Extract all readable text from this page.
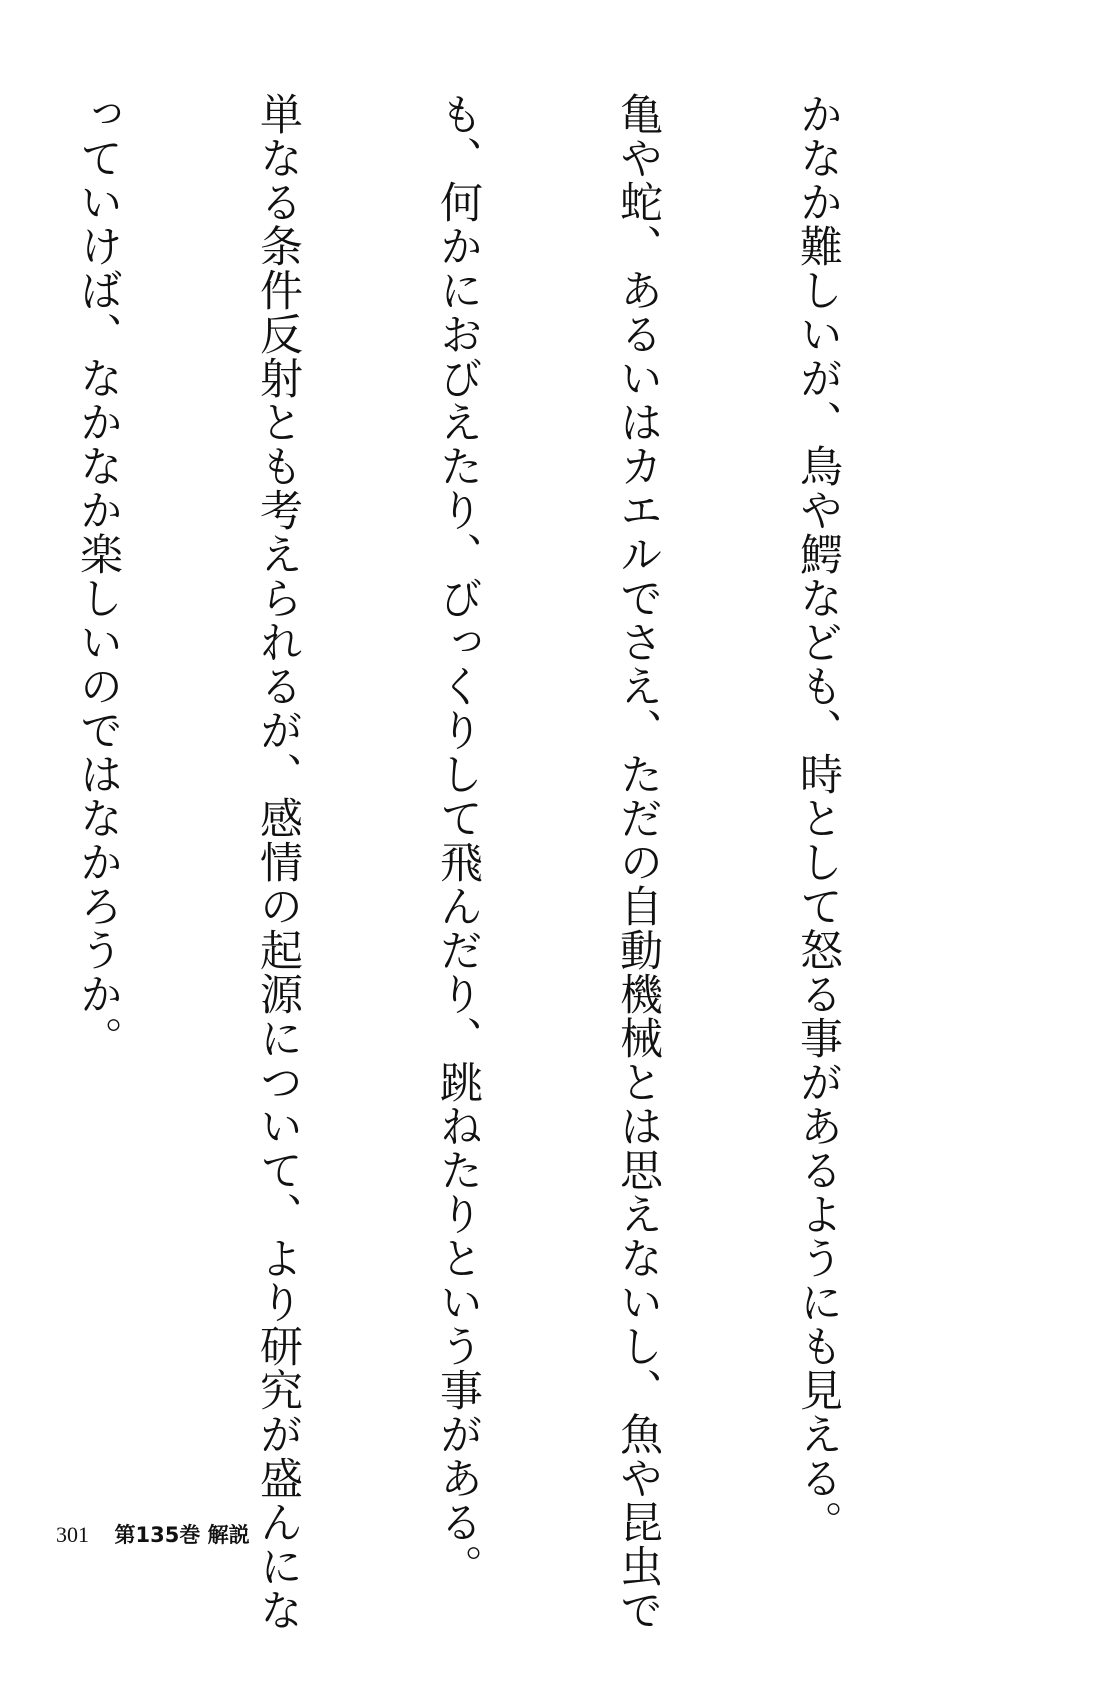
かなか難しいが、鳥や鰐なども、時として怒る事があるようにも見える。

亀や蛇、あるいはカエルでさえ、ただの自動機械とは思えないし、魚や昆虫で

も、何かにおびえたり、びっくりして飛んだり、跳ねたりという事がある。

単なる条件反射とも考えられるが、感情の起源について、より研究が盛んにな

っていけば、なかなか楽しいのではなかろうか。

301 第135巻 解説
